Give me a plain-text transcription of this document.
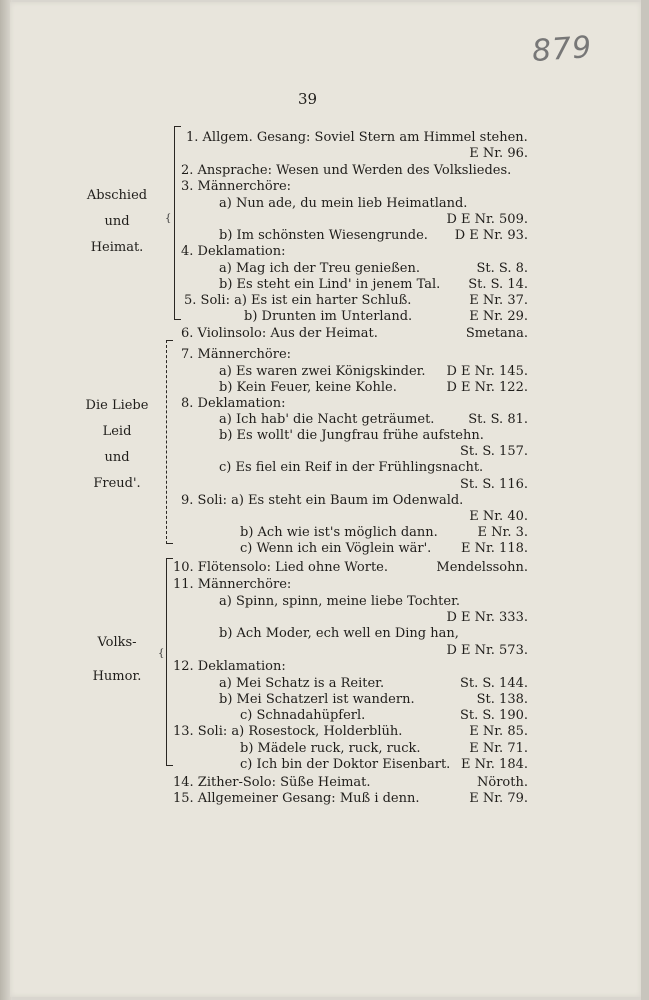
879
39
Abschied
und
Heimat.
Die Liebe
Leid
und
Freud'.
Volks-
Humor.
{
{
1. Allgem. Gesang: Soviel Stern am Himmel stehen.
E Nr. 96.
2. Ansprache: Wesen und Werden des Volksliedes.
3. Männerchöre:
a) Nun ade, du mein lieb Heimatland.
D E Nr. 509.
b) Im schönsten Wiesengrunde. D E Nr. 93.
4. Deklamation:
a) Mag ich der Treu genießen.	St. S. 8.
b) Es steht ein Lind' in jenem Tal. St. S. 14.
5. Soli: a) Es ist ein harter Schluß.	E Nr. 37.
b) Drunten im Unterland.	E Nr. 29.
6. Violinsolo: Aus der Heimat.	Smetana.
7. Männerchöre:
a) Es waren zwei Königskinder. D E Nr. 145.
b) Kein Feuer, keine Kohle.	D E Nr. 122.
8. Deklamation:
a) Ich hab' die Nacht geträumet.	St. S. 81.
b) Es wollt' die Jungfrau frühe aufstehn.
St. S. 157.
c) Es fiel ein Reif in der Frühlingsnacht.
St. S. 116.
9. Soli: a) Es steht ein Baum im Odenwald.
E Nr. 40.
b) Ach wie ist's möglich dann.	E Nr. 3.
c) Wenn ich ein Vöglein wär'. E Nr. 118.
10. Flötensolo: Lied ohne Worte.	Mendelssohn.
11. Männerchöre:
a) Spinn, spinn, meine liebe Tochter.
D E Nr. 333.
b) Ach Moder, ech well en Ding han,
D E Nr. 573.
12. Deklamation:
a) Mei Schatz is a Reiter.	St. S. 144.
b) Mei Schatzerl ist wandern.	St. 138.
c) Schnadahüpferl.	St. S. 190.
13. Soli: a) Rosestock, Holderblüh.	E Nr. 85.
b) Mädele ruck, ruck, ruck.	E Nr. 71.
c) Ich bin der Doktor Eisenbart. E Nr. 184.
14. Zither-Solo: Süße Heimat.	Nöroth.
15. Allgemeiner Gesang: Muß i denn.	E Nr. 79.
